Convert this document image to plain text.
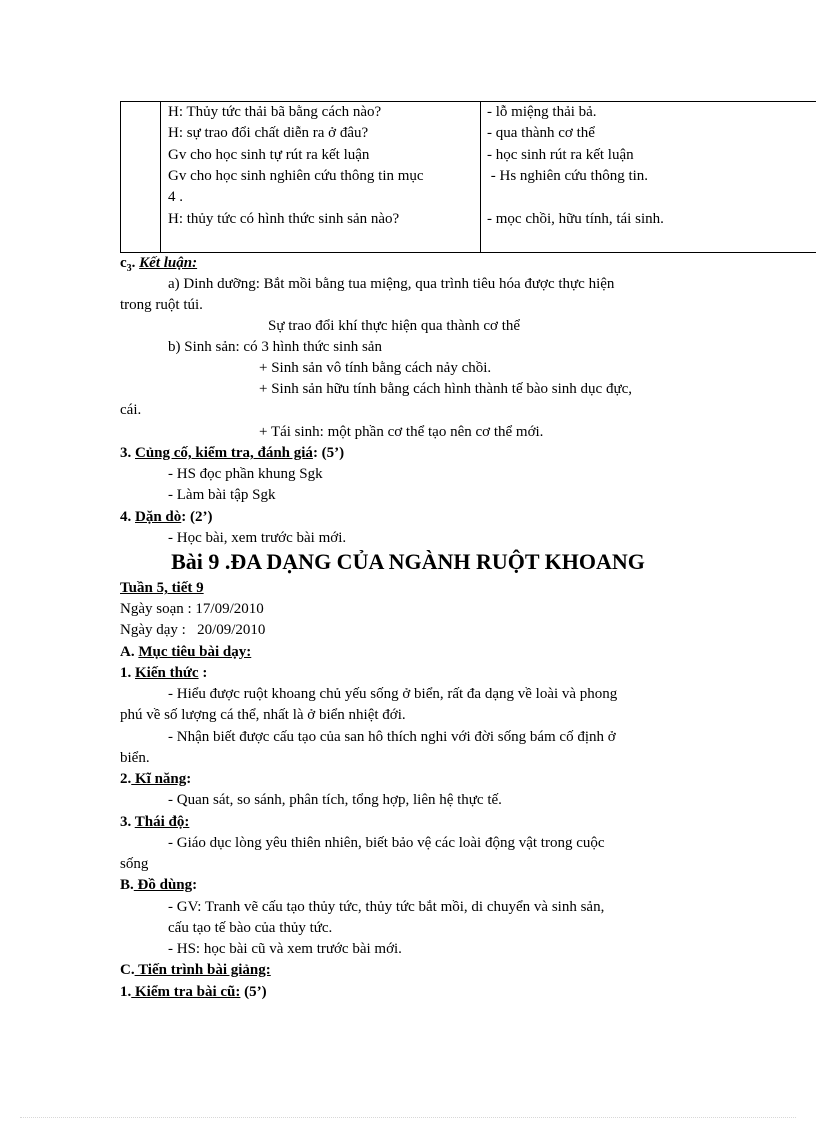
H: Thủy tức thải bã bằng cách nào?	- lỗ miệng thải bả.
H: sự trao đổi chất diễn ra ở đâu?	- qua thành cơ thể
Gv cho học sinh tự rút ra kết luận	- học sinh rút ra kết luận
Gv cho học sinh nghiên cứu thông tin mục	- Hs nghiên cứu thông tin.
4 .
H: thủy tức có hình thức sinh sản nào?	- mọc chồi, hữu tính, tái sinh.
$c_3$. Kết luận:
a) Dinh dưỡng: Bắt mồi bằng tua miệng, qua trình tiêu hóa được thực hiện
trong ruột túi.
Sự trao đổi khí thực hiện qua thành cơ thể
b) Sinh sản: có 3 hình thức sinh sản
+ Sinh sản vô tính bằng cách nảy chồi.
+ Sinh sản hữu tính bằng cách hình thành tế bào sinh dục đực,
cái.
+ Tái sinh: một phần cơ thể tạo nên cơ thể mới.
3. Củng cố, kiểm tra, đánh giá: (5’)
- HS đọc phần khung Sgk
- Làm bài tập Sgk
4. Dặn dò: (2’)
- Học bài, xem trước bài mới.
Bài 9 .ĐA DẠNG CỦA NGÀNH RUỘT KHOANG
Tuần 5, tiết 9
Ngày soạn : 17/09/2010
Ngày dạy :   20/09/2010
A. Mục tiêu bài dạy:
1. Kiến thức :
- Hiểu được ruột khoang chủ yếu sống ở biển, rất đa dạng về loài và phong
phú về số lượng cá thể, nhất là ở biển nhiệt đới.
- Nhận biết được cấu tạo của san hô thích nghi với đời sống bám cố định ở
biển.
2. Kĩ năng:
- Quan sát, so sánh, phân tích, tổng hợp, liên hệ thực tế.
3. Thái độ:
- Giáo dục lòng yêu thiên nhiên, biết bảo vệ các loài động vật trong cuộc
sống
B. Đồ dùng:
- GV: Tranh vẽ cấu tạo thủy tức, thủy tức bắt mồi, di chuyển và sinh sản,
cấu tạo tế bào của thủy tức.
- HS: học bài cũ và xem trước bài mới.
C. Tiến trình bài giảng:
1. Kiểm tra bài cũ: (5’)
